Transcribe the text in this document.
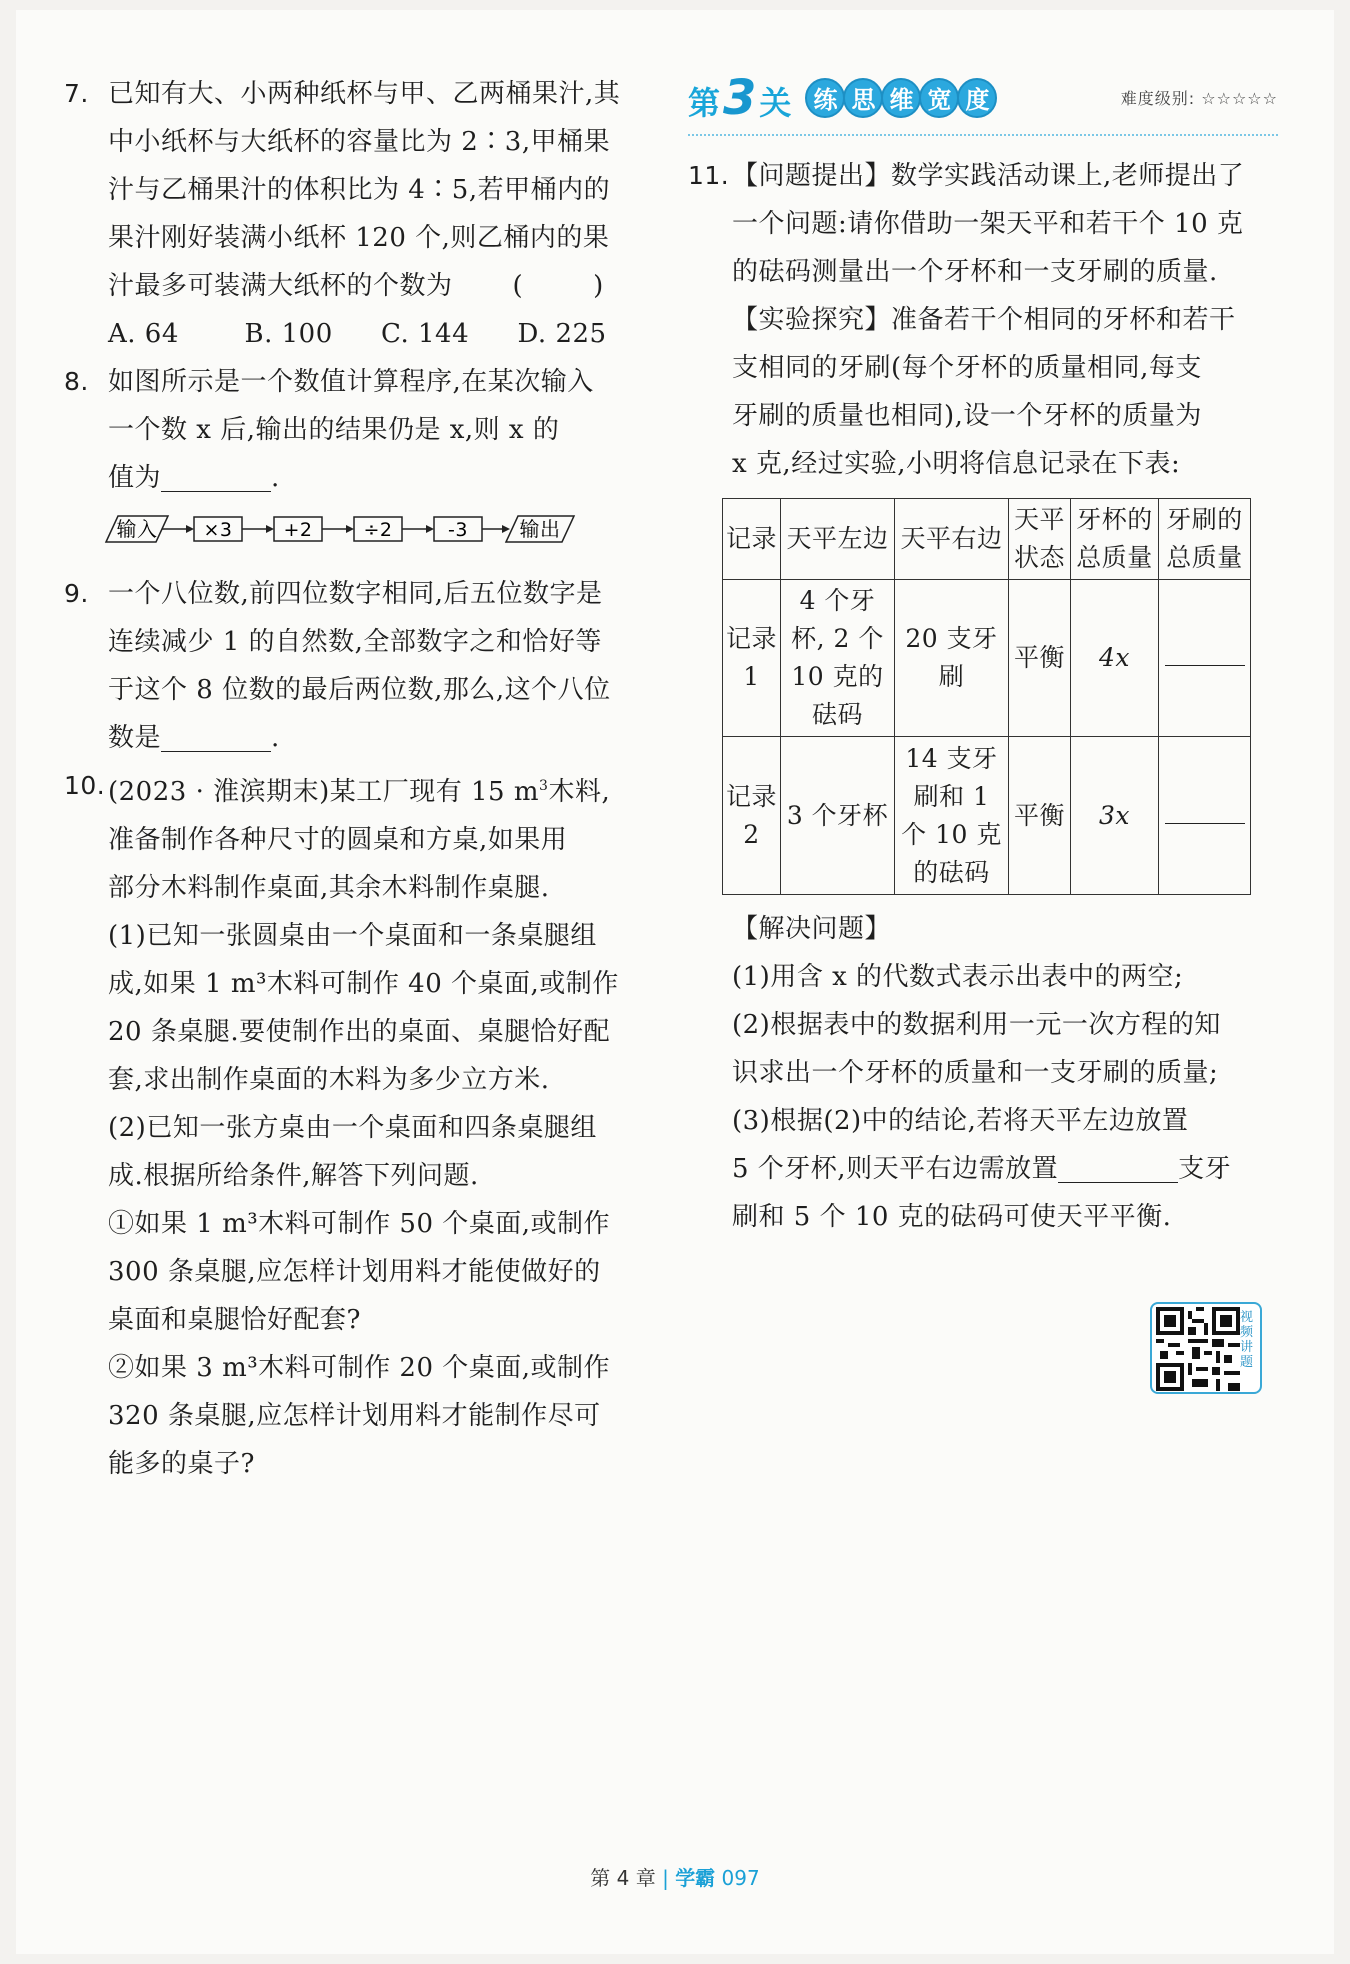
7. 已知有大、小两种纸杯与甲、乙两桶果汁,其
中小纸杯与大纸杯的容量比为 2∶3,甲桶果
汁与乙桶果汁的体积比为 4∶5,若甲桶内的
果汁刚好装满小纸杯 120 个,则乙桶内的果
汁最多可装满大纸杯的个数为 (	)
A. 64	B. 100	C. 144	D. 225
8. 如图所示是一个数值计算程序,在某次输入
一个数 x 后,输出的结果仍是 x,则 x 的
值为	.
输入 ×3	+2	÷2	-3	输出
9. 一个八位数,前四位数字相同,后五位数字是
连续减少 1 的自然数,全部数字之和恰好等
于这个 8 位数的最后两位数,那么,这个八位
数是	.
10. (2023 · 淮滨期末)某工厂现有 15 $m^3$木料,
准备制作各种尺寸的圆桌和方桌,如果用
部分木料制作桌面,其余木料制作桌腿.
(1)已知一张圆桌由一个桌面和一条桌腿组
成,如果 1 m³木料可制作 40 个桌面,或制作
20 条桌腿.要使制作出的桌面、桌腿恰好配
套,求出制作桌面的木料为多少立方米.
(2)已知一张方桌由一个桌面和四条桌腿组
成.根据所给条件,解答下列问题.
①如果 1 m³木料可制作 50 个桌面,或制作
300 条桌腿,应怎样计划用料才能使做好的
桌面和桌腿恰好配套?
②如果 3 m³木料可制作 20 个桌面,或制作
320 条桌腿,应怎样计划用料才能制作尽可
能多的桌子?
第3关 练 思 维 宽 度	难度级别: ☆☆☆☆☆
11. 【问题提出】数学实践活动课上,老师提出了
一个问题:请你借助一架天平和若干个 10 克
的砝码测量出一个牙杯和一支牙刷的质量.
【实验探究】准备若干个相同的牙杯和若干
支相同的牙刷(每个牙杯的质量相同,每支
牙刷的质量也相同),设一个牙杯的质量为
x 克,经过实验,小明将信息记录在下表:
记录	天平左边	天平右边	天平状态	牙杯的总质量	牙刷的总质量
记录 1	4 个牙杯, 2 个 10 克的砝码	20 支牙刷	平衡	4x	
记录 2	3 个牙杯	14 支牙刷和 1 个 10 克的砝码	平衡	3x	
【解决问题】
(1)用含 x 的代数式表示出表中的两空;
(2)根据表中的数据利用一元一次方程的知
识求出一个牙杯的质量和一支牙刷的质量;
(3)根据(2)中的结论,若将天平左边放置
5 个牙杯,则天平右边需放置	支牙
刷和 5 个 10 克的砝码可使天平平衡.
视频讲题
第 4 章 | 学霸 097
